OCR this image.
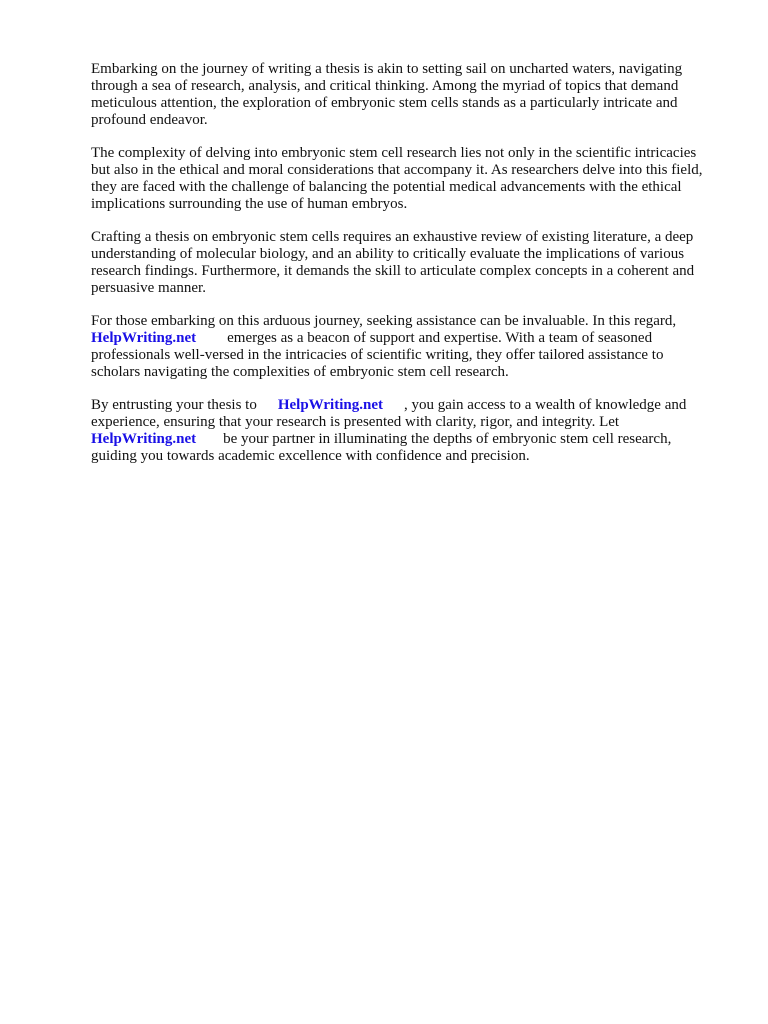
Embarking on the journey of writing a thesis is akin to setting sail on uncharted waters, navigating
through a sea of research, analysis, and critical thinking. Among the myriad of topics that demand
meticulous attention, the exploration of embryonic stem cells stands as a particularly intricate and
profound endeavor.

The complexity of delving into embryonic stem cell research lies not only in the scientific intricacies
but also in the ethical and moral considerations that accompany it. As researchers delve into this field,
they are faced with the challenge of balancing the potential medical advancements with the ethical
implications surrounding the use of human embryos.

Crafting a thesis on embryonic stem cells requires an exhaustive review of existing literature, a deep
understanding of molecular biology, and an ability to critically evaluate the implications of various
research findings. Furthermore, it demands the skill to articulate complex concepts in a coherent and
persuasive manner.

For those embarking on this arduous journey, seeking assistance can be invaluable. In this regard,
HelpWriting.net emerges as a beacon of support and expertise. With a team of seasoned
professionals well-versed in the intricacies of scientific writing, they offer tailored assistance to
scholars navigating the complexities of embryonic stem cell research.

By entrusting your thesis to HelpWriting.net , you gain access to a wealth of knowledge and
experience, ensuring that your research is presented with clarity, rigor, and integrity. Let
HelpWriting.net be your partner in illuminating the depths of embryonic stem cell research,
guiding you towards academic excellence with confidence and precision.
